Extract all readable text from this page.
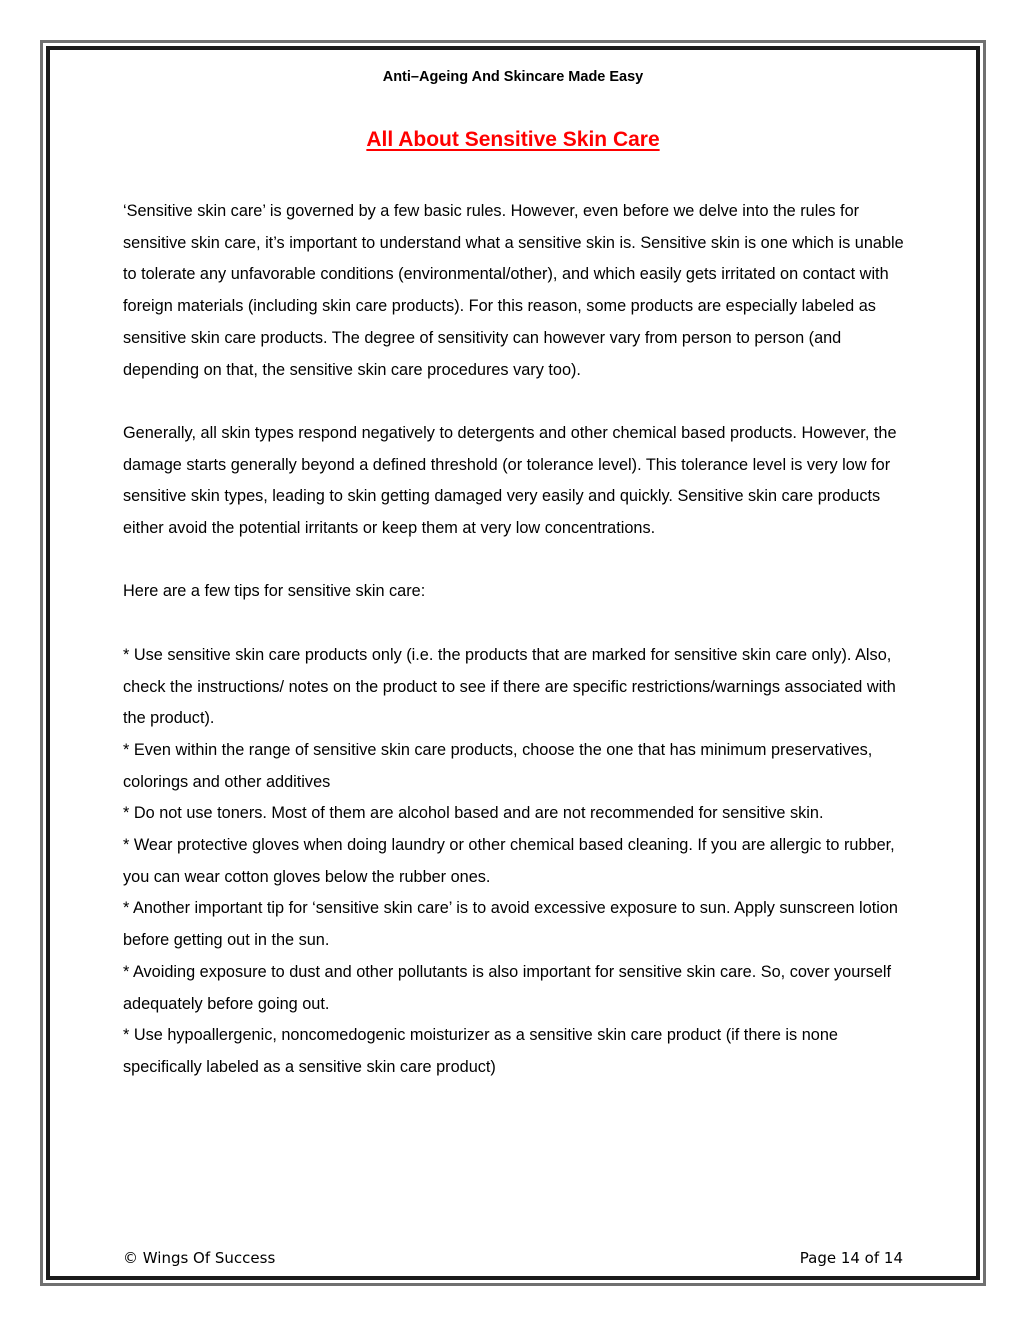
Anti–Ageing And Skincare Made Easy

All About Sensitive Skin Care

‘Sensitive skin care’ is governed by a few basic rules. However, even before we delve into the rules for sensitive skin care, it’s important to understand what a sensitive skin is. Sensitive skin is one which is unable to tolerate any unfavorable conditions (environmental/other), and which easily gets irritated on contact with foreign materials (including skin care products). For this reason, some products are especially labeled as sensitive skin care products. The degree of sensitivity can however vary from person to person (and depending on that, the sensitive skin care procedures vary too).

Generally, all skin types respond negatively to detergents and other chemical based products. However, the damage starts generally beyond a defined threshold (or tolerance level). This tolerance level is very low for sensitive skin types, leading to skin getting damaged very easily and quickly. Sensitive skin care products either avoid the potential irritants or keep them at very low concentrations.

Here are a few tips for sensitive skin care:

* Use sensitive skin care products only (i.e. the products that are marked for sensitive skin care only). Also, check the instructions/ notes on the product to see if there are specific restrictions/warnings associated with the product).

* Even within the range of sensitive skin care products, choose the one that has minimum preservatives, colorings and other additives

* Do not use toners. Most of them are alcohol based and are not recommended for sensitive skin.

* Wear protective gloves when doing laundry or other chemical based cleaning. If you are allergic to rubber, you can wear cotton gloves below the rubber ones.

* Another important tip for ‘sensitive skin care’ is to avoid excessive exposure to sun. Apply sunscreen lotion before getting out in the sun.

* Avoiding exposure to dust and other pollutants is also important for sensitive skin care. So, cover yourself adequately before going out.

* Use hypoallergenic, noncomedogenic moisturizer as a sensitive skin care product (if there is none specifically labeled as a sensitive skin care product)

© Wings Of Success	Page 14 of 14
